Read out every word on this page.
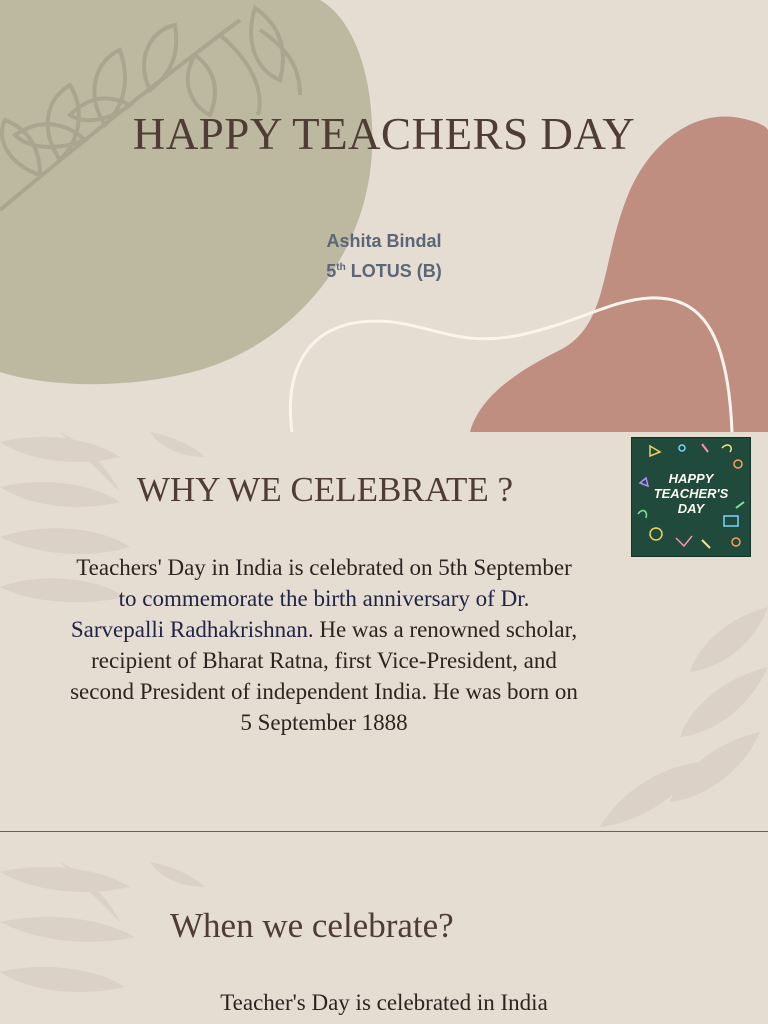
HAPPY TEACHERS DAY
Ashita Bindal
5th LOTUS (B)
WHY WE CELEBRATE ?
Teachers' Day in India is celebrated on 5th September to commemorate the birth anniversary of Dr. Sarvepalli Radhakrishnan. He was a renowned scholar, recipient of Bharat Ratna, first Vice-President, and second President of independent India. He was born on 5 September 1888
HAPPY
TEACHER'S
DAY
When we celebrate?
Teacher's Day is celebrated in India
